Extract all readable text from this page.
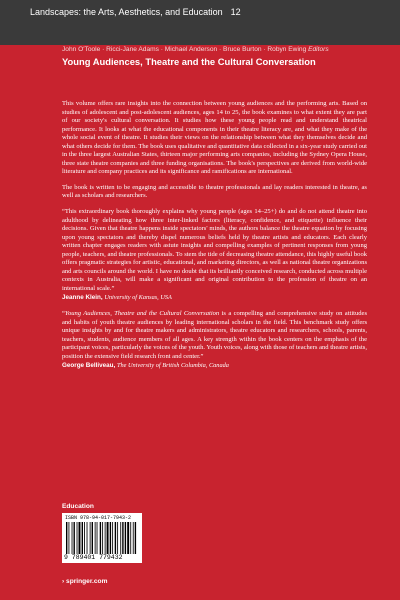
Landscapes: the Arts, Aesthetics, and Education 12
John O'Toole · Ricci-Jane Adams · Michael Anderson · Bruce Burton · Robyn Ewing Editors
Young Audiences, Theatre and the Cultural Conversation

This volume offers rare insights into the connection between young audiences and the performing arts. Based on studies of adolescent and post-adolescent audiences, ages 14 to 25, the book examines to what extent they are part of our society's cultural conversation. It studies how these young people read and understand theatrical performance. It looks at what the educational components in their theatre literacy are, and what they make of the whole social event of theatre. It studies their views on the relationship between what they themselves decide and what others decide for them. The book uses qualitative and quantitative data collected in a six-year study carried out in the three largest Australian States, thirteen major performing arts companies, including the Sydney Opera House, three state theatre companies and three funding organisations. The book's perspectives are derived from world-wide literature and company practices and its significance and ramifications are international.

The book is written to be engaging and accessible to theatre professionals and lay readers interested in theatre, as well as scholars and researchers.

“This extraordinary book thoroughly explains why young people (ages 14–25+) do and do not attend theatre into adulthood by delineating how three inter-linked factors (literacy, confidence, and etiquette) influence their decisions. Given that theatre happens inside spectators' minds, the authors balance the theatre equation by focusing upon young spectators and thereby dispel numerous beliefs held by theatre artists and educators. Each clearly written chapter engages readers with astute insights and compelling examples of pertinent responses from young people, teachers, and theatre professionals. To stem the tide of decreasing theatre attendance, this highly useful book offers pragmatic strategies for artistic, educational, and marketing directors, as well as national theatre organizations and arts councils around the world. I have no doubt that its brilliantly conceived research, conducted across multiple contexts in Australia, will make a significant and original contribution to the profession of theatre on an international scale.”

Jeanne Klein, University of Kansas, USA

“Young Audiences, Theatre and the Cultural Conversation is a compelling and comprehensive study on attitudes and habits of youth theatre audiences by leading international scholars in the field. This benchmark study offers unique insights by and for theatre makers and administrators, theatre educators and researchers, schools, parents, teachers, students, audience members of all ages. A key strength within the book centers on the emphasis of the participant voices, particularly the voices of the youth. Youth voices, along with those of teachers and theatre artists, position the extensive field research front and center.”

George Belliveau, The University of British Columbia, Canada
Education
ISBN 978-94-017-7943-2
9 789401 779432
› springer.com
